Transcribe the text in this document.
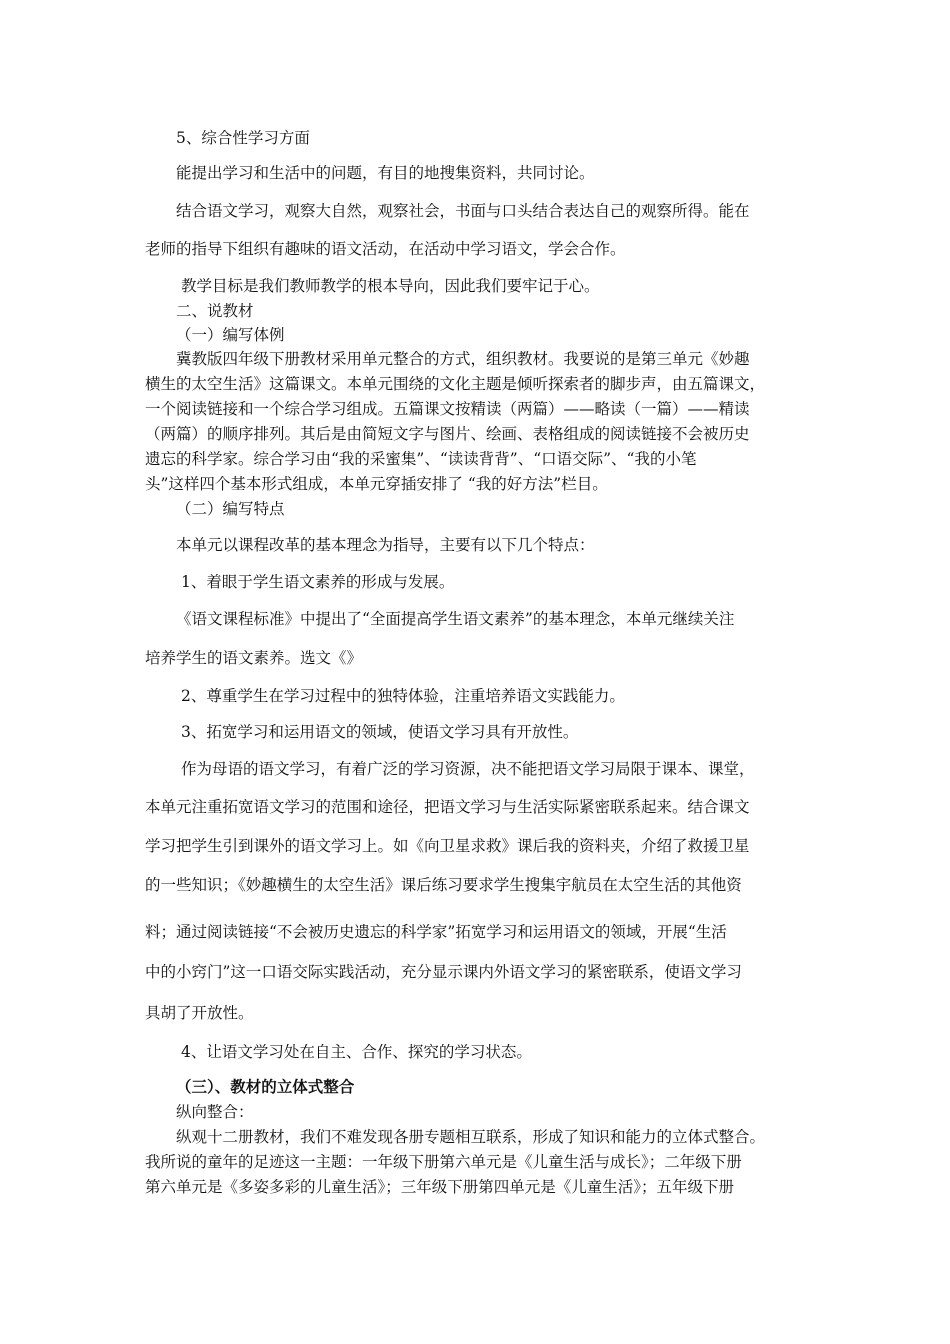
5、综合性学习方面
能提出学习和生活中的问题，有目的地搜集资料，共同讨论。
结合语文学习，观察大自然，观察社会，书面与口头结合表达自己的观察所得。能在
老师的指导下组织有趣味的语文活动，在活动中学习语文，学会合作。
教学目标是我们教师教学的根本导向，因此我们要牢记于心。
二、说教材
（一）编写体例
冀教版四年级下册教材采用单元整合的方式，组织教材。我要说的是第三单元《妙趣
横生的太空生活》这篇课文。本单元围绕的文化主题是倾听探索者的脚步声，由五篇课文，
一个阅读链接和一个综合学习组成。五篇课文按精读（两篇）——略读（一篇）——精读
（两篇）的顺序排列。其后是由简短文字与图片、绘画、表格组成的阅读链接不会被历史
遗忘的科学家。综合学习由“我的采蜜集”、“读读背背”、“口语交际”、“我的小笔
头”这样四个基本形式组成，本单元穿插安排了 “我的好方法”栏目。
（二）编写特点
本单元以课程改革的基本理念为指导，主要有以下几个特点：
1、着眼于学生语文素养的形成与发展。
《语文课程标准》中提出了“全面提高学生语文素养”的基本理念，本单元继续关注
培养学生的语文素养。选文《》
2、尊重学生在学习过程中的独特体验，注重培养语文实践能力。
3、拓宽学习和运用语文的领域，使语文学习具有开放性。
作为母语的语文学习，有着广泛的学习资源，决不能把语文学习局限于课本、课堂，
本单元注重拓宽语文学习的范围和途径，把语文学习与生活实际紧密联系起来。结合课文
学习把学生引到课外的语文学习上。如《向卫星求救》课后我的资料夹，介绍了救援卫星
的一些知识；《妙趣横生的太空生活》课后练习要求学生搜集宇航员在太空生活的其他资
料；通过阅读链接“不会被历史遗忘的科学家”拓宽学习和运用语文的领域，开展“生活
中的小窍门”这一口语交际实践活动，充分显示课内外语文学习的紧密联系，使语文学习
具胡了开放性。
4、让语文学习处在自主、合作、探究的学习状态。
（三）、教材的立体式整合
纵向整合：
纵观十二册教材，我们不难发现各册专题相互联系，形成了知识和能力的立体式整合。
我所说的童年的足迹这一主题：一年级下册第六单元是《儿童生活与成长》；二年级下册
第六单元是《多姿多彩的儿童生活》；三年级下册第四单元是《儿童生活》；五年级下册
